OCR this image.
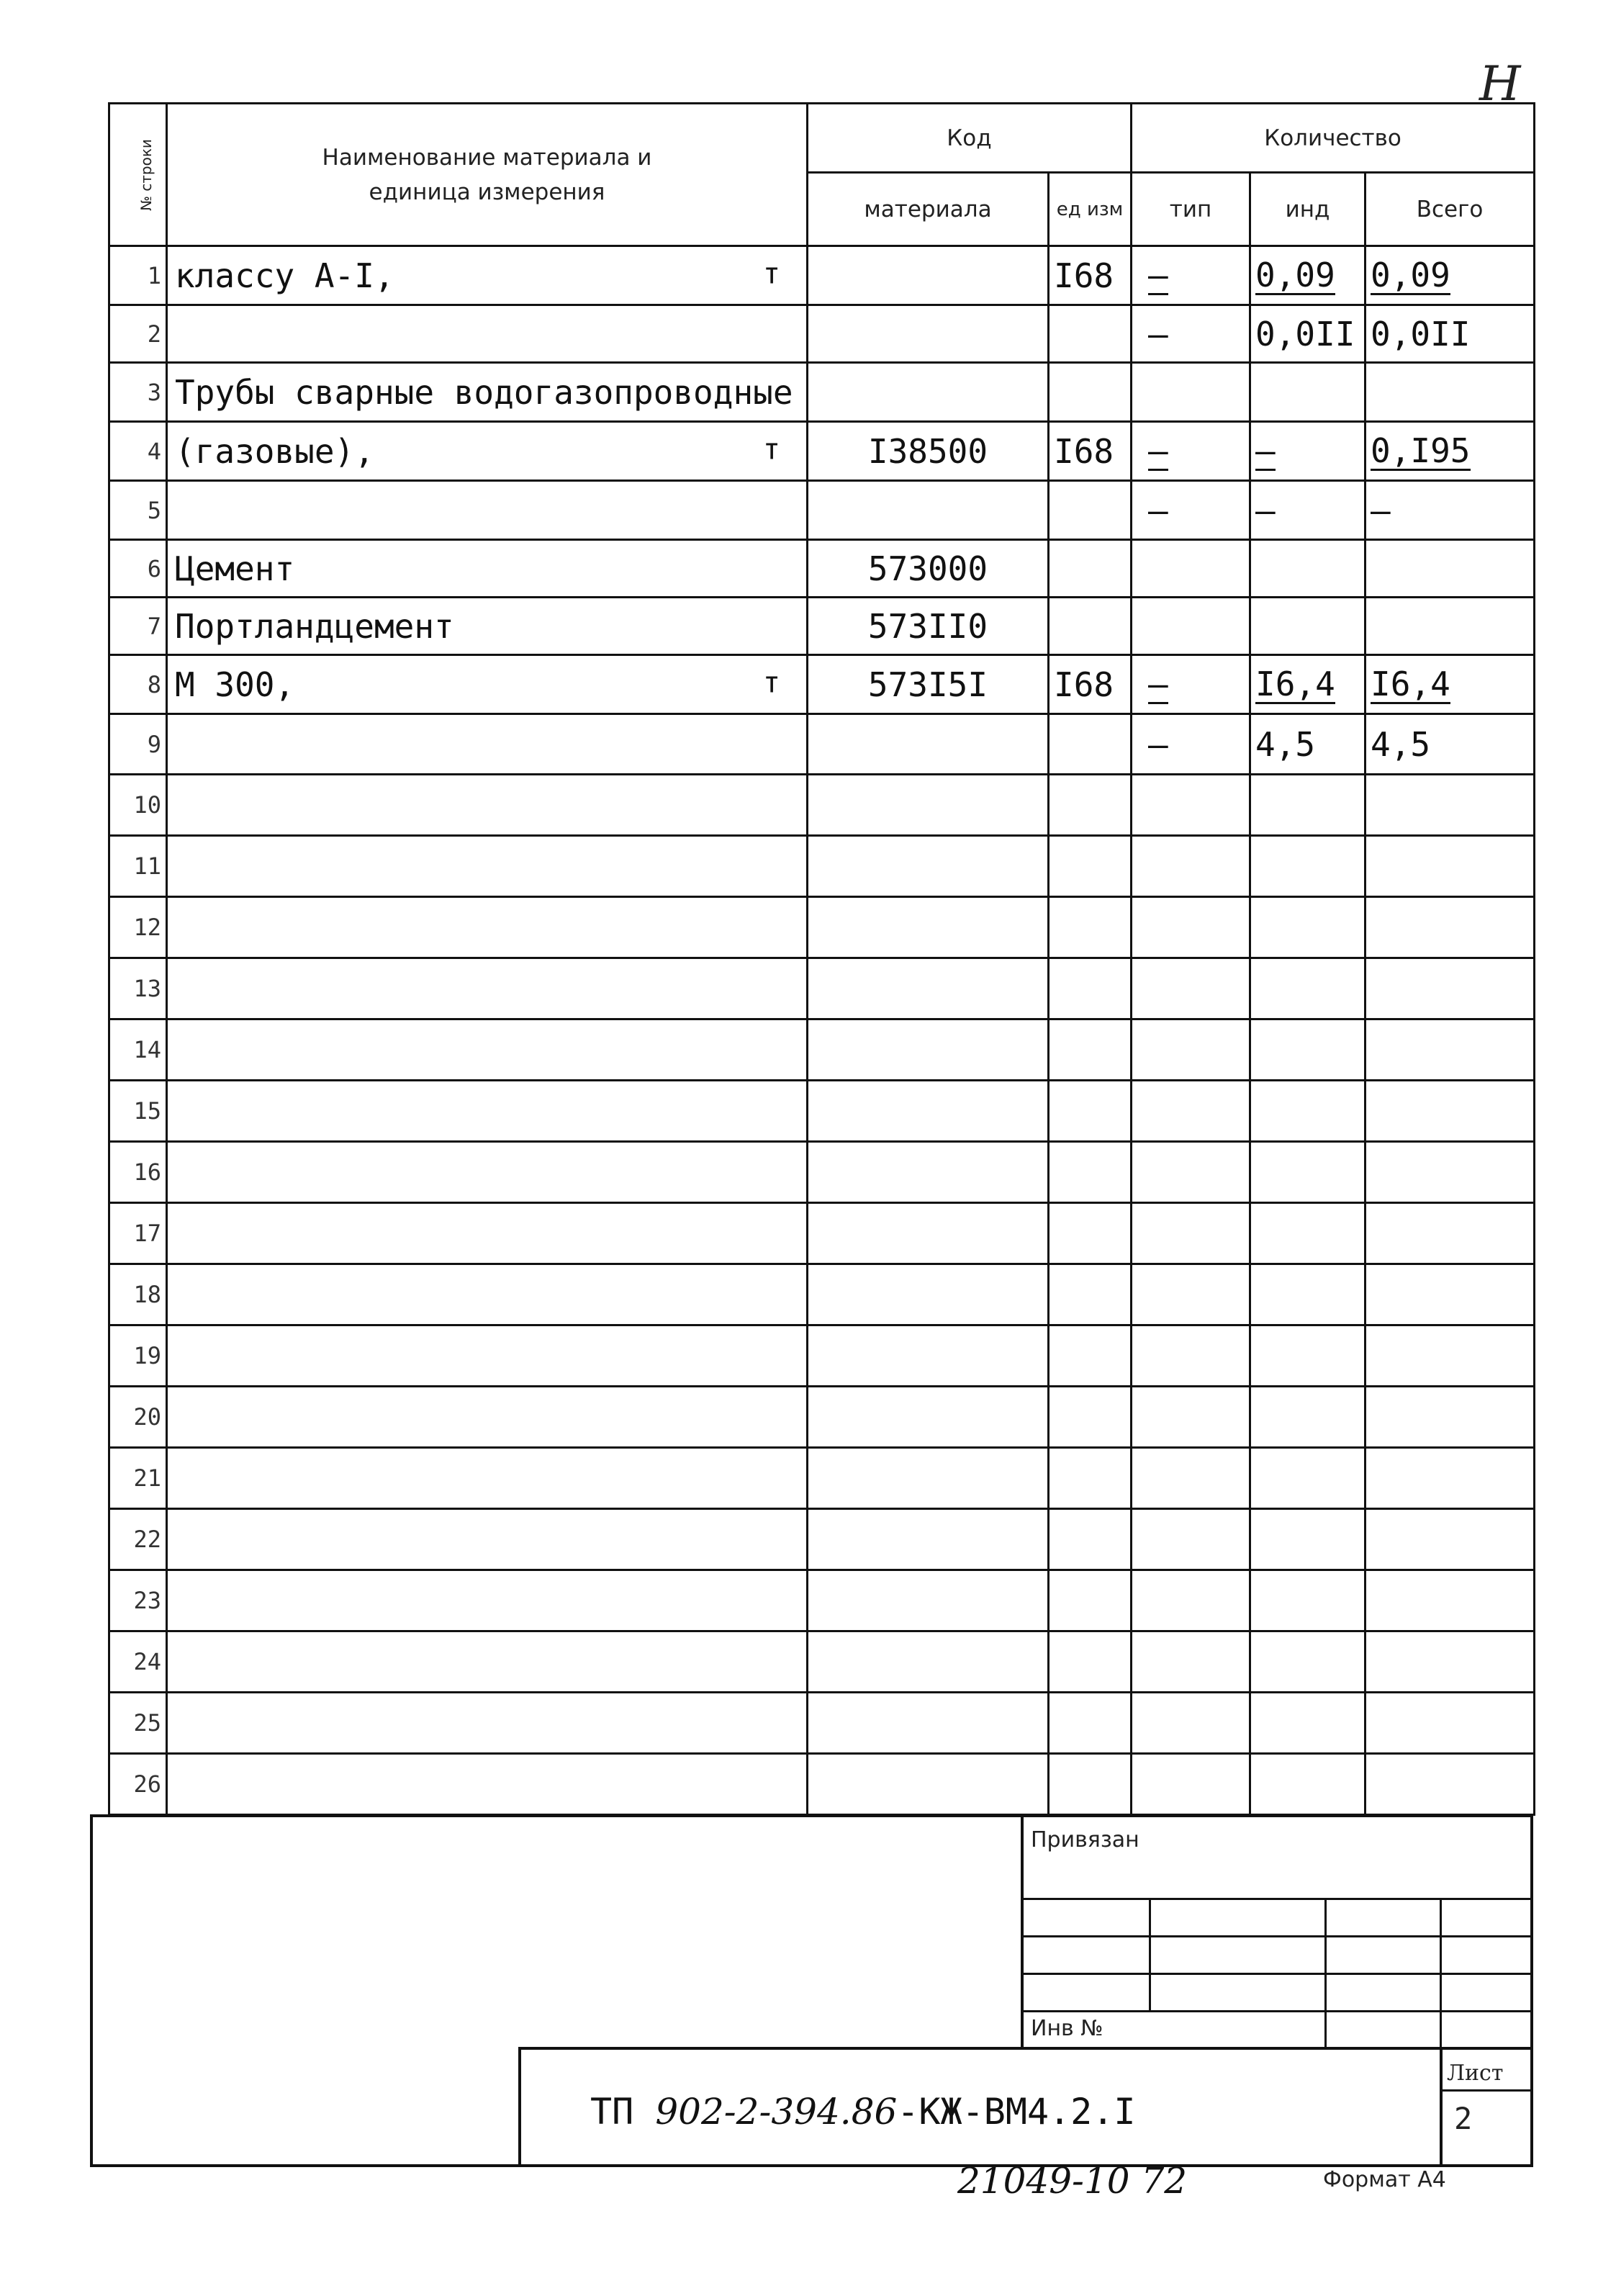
Н
№ строки	Наименование материала и единица измерения	Код		Количество		
		материала	ед изм	тип	инд	Всего
1	классу А-I, т		I68	–	0,09	0,09
2				–	0,0II	0,0II
3	Трубы сварные водогазопроводные

4	(газовые), т	I38500	I68	–	–	0,I95
5				–	–	–
6	Цемент	573000				
7	Портландцемент	573II0				
8	М 300, т	573I5I	I68	–	I6,4	I6,4
9				–	4,5	4,5
10	

11	

12	

13	

14	

15	

16	

17	

18	

19	

20	

21	

22	

23	

24	

25	

26	

Привязан
Инв №
Лист
2
ТП 902-2-394.86-КЖ-ВМ4.2.I
21049-10 72	Формат А4
